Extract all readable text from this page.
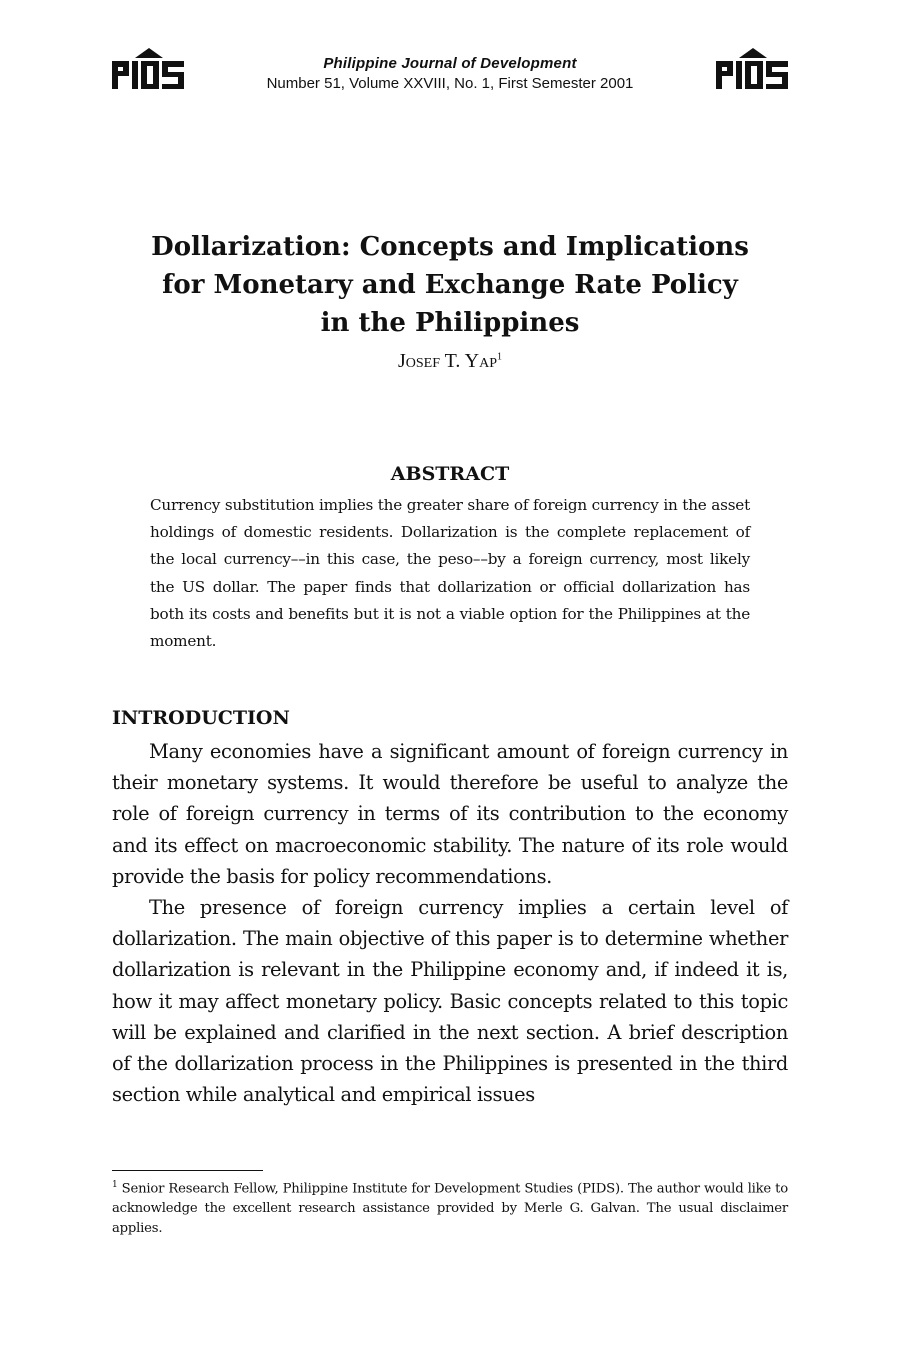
Philippine Journal of Development
Number 51, Volume XXVIII, No. 1, First Semester 2001
Dollarization: Concepts and Implications
for Monetary and Exchange Rate Policy
in the Philippines
Josef T. Yap$^1$
ABSTRACT

Currency substitution implies the greater share of foreign currency in the asset holdings of domestic residents. Dollarization is the complete replacement of the local currency––in this case, the peso––by a foreign currency, most likely the US dollar. The paper finds that dollarization or official dollarization has both its costs and benefits but it is not a viable option for the Philippines at the moment.

INTRODUCTION

Many economies have a significant amount of foreign currency in their monetary systems. It would therefore be useful to analyze the role of foreign currency in terms of its contribution to the economy and its effect on macroeconomic stability. The nature of its role would provide the basis for policy recommendations.

The presence of foreign currency implies a certain level of dollarization. The main objective of this paper is to determine whether dollarization is relevant in the Philippine economy and, if indeed it is, how it may affect monetary policy. Basic concepts related to this topic will be explained and clarified in the next section. A brief description of the dollarization process in the Philippines is presented in the third section while analytical and empirical issues

$^1$ Senior Research Fellow, Philippine Institute for Development Studies (PIDS). The author would like to acknowledge the excellent research assistance provided by Merle G. Galvan. The usual disclaimer applies.
